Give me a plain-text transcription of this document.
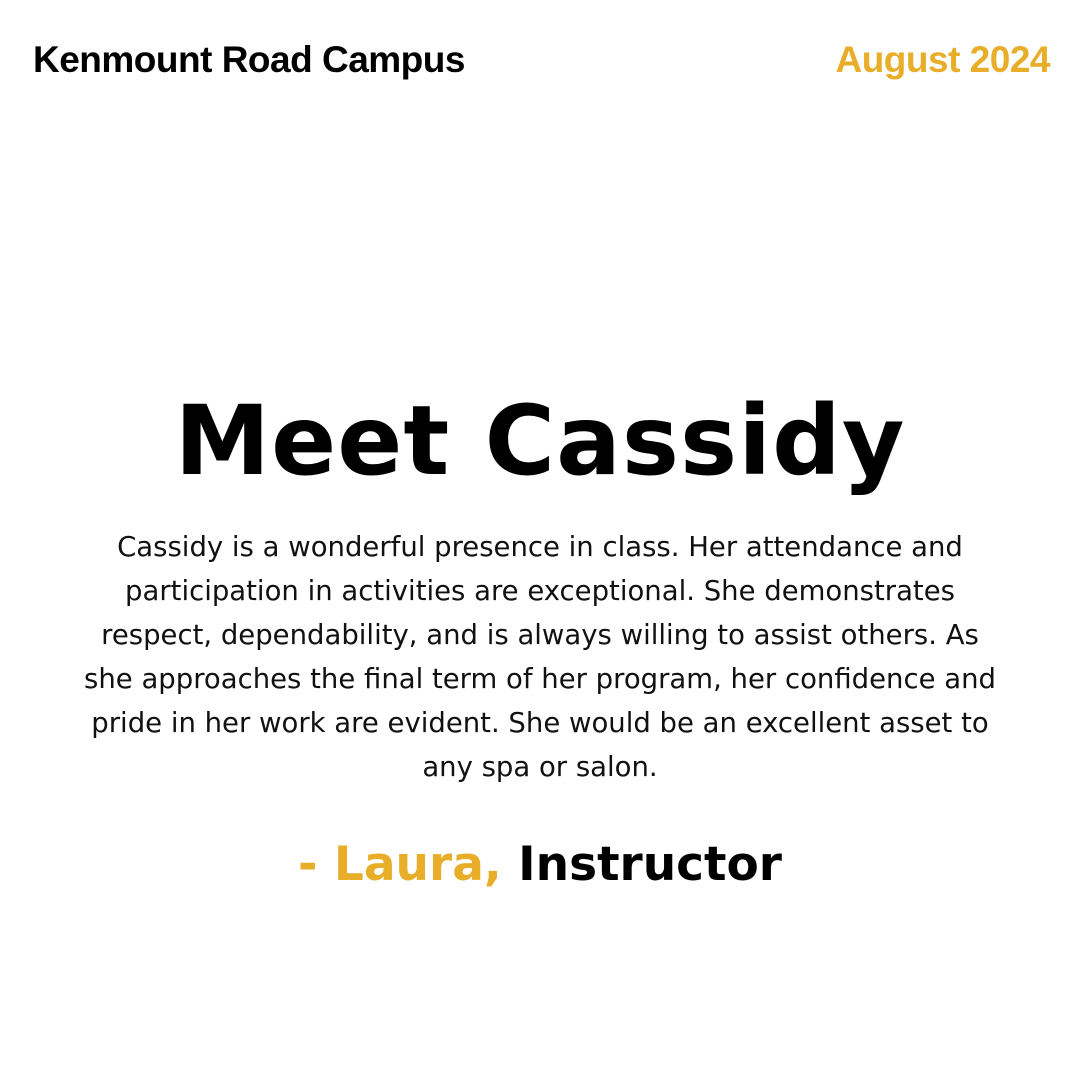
Kenmount Road Campus	August 2024
Meet Cassidy
Cassidy is a wonderful presence in class. Her attendance and participation in activities are exceptional. She demonstrates respect, dependability, and is always willing to assist others. As she approaches the final term of her program, her confidence and pride in her work are evident. She would be an excellent asset to any spa or salon.
- Laura, Instructor
